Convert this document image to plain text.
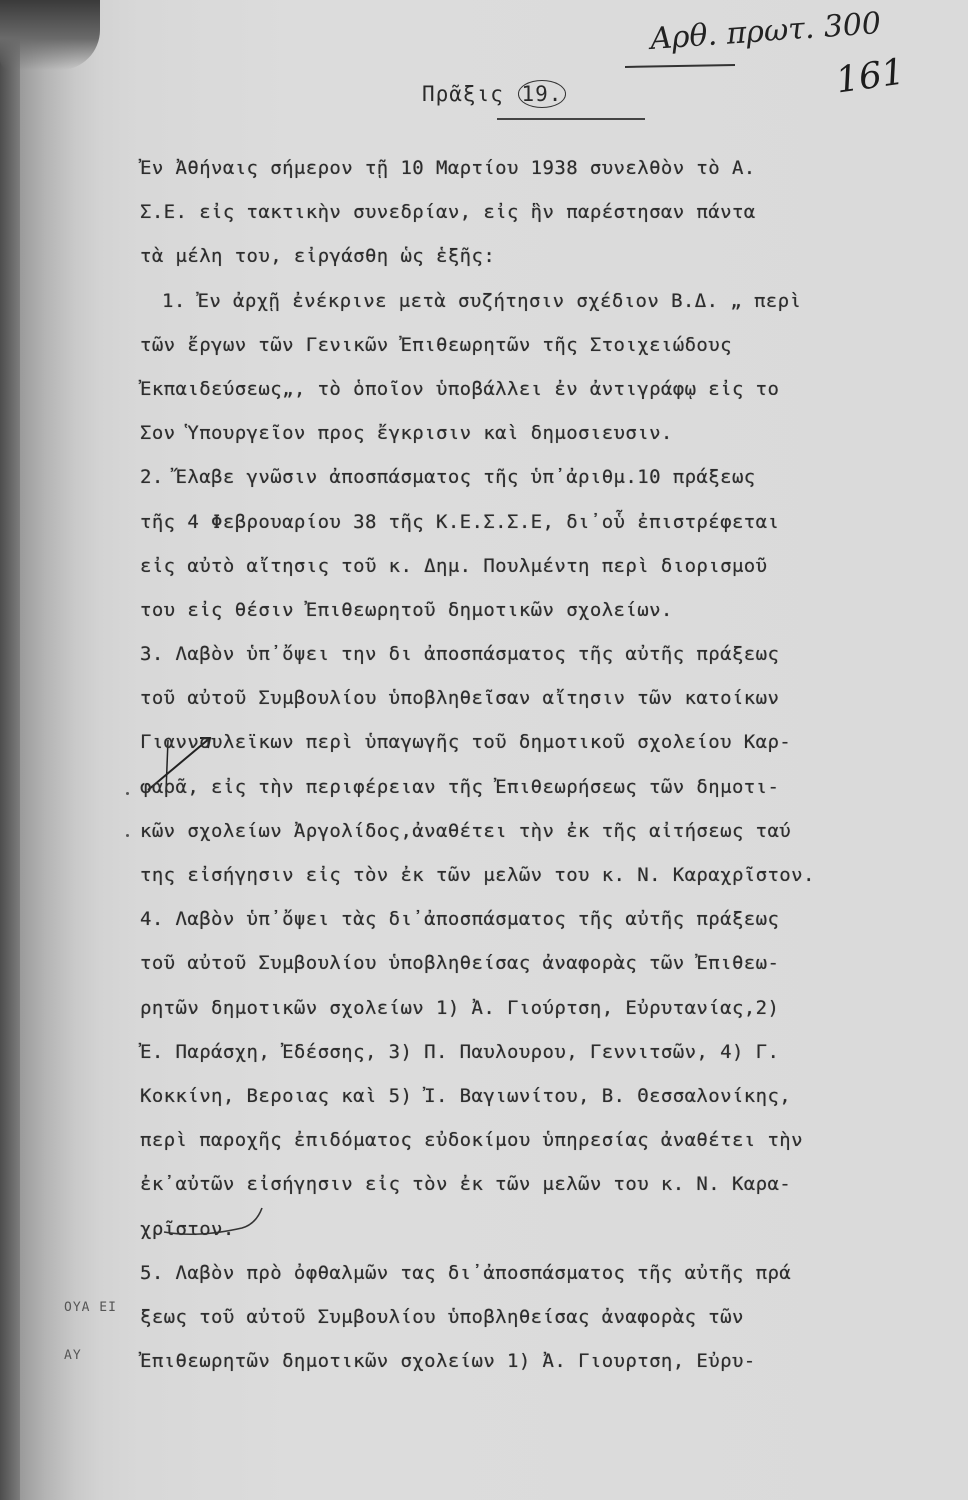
ΟΥΑ ΕΙ
ΑΥ
Αρθ. πρωτ. 300
161
Πρᾶξις 19.
Ἐν Ἀθήναις σήμερον τῇ 10 Μαρτίου 1938 συνελθὸν τὸ Α.
Σ.Ε. εἰς τακτικὴν συνεδρίαν, εἰς ἣν παρέστησαν πάντα
τὰ μέλη του, εἰργάσθη ὡς ἑξῆς:
1. Ἐν ἀρχῇ ἐνέκρινε μετὰ συζήτησιν σχέδιον Β.Δ. „ περὶ
τῶν ἔργων τῶν Γενικῶν Ἐπιθεωρητῶν τῆς Στοιχειώδους
Ἐκπαιδεύσεως„, τὸ ὁποῖον ὑποβάλλει ἐν ἀντιγράφῳ εἰς το
Σον Ὑπουργεῖον προς ἔγκρισιν καὶ δημοσιευσιν.
2. Ἔλαβε γνῶσιν ἀποσπάσματος τῆς ὑπ᾽ἀριθμ.10 πράξεως
τῆς 4 Φεβρουαρίου 38 τῆς Κ.Ε.Σ.Σ.Ε, δι᾽οὗ ἐπιστρέφεται
εἰς αὐτὸ αἴτησις τοῦ κ. Δημ. Πουλμέντη περὶ διορισμοῦ
του εἰς θέσιν Ἐπιθεωρητοῦ δημοτικῶν σχολείων.
3. Λαβὸν ὑπ᾽ὄψει την δι ἀποσπάσματος τῆς αὐτῆς πράξεως
τοῦ αὐτοῦ Συμβουλίου ὑποβληθεῖσαν αἴτησιν τῶν κατοίκων
Γιαννουλεϊκων περὶ ὑπαγωγῆς τοῦ δημοτικοῦ σχολείου Καρ-
φαρᾶ, εἰς τὴν περιφέρειαν τῆς Ἐπιθεωρήσεως τῶν δημοτι-
κῶν σχολείων Ἀργολίδος,ἀναθέτει τὴν ἐκ τῆς αἰτήσεως ταύ
της εἰσήγησιν εἰς τὸν ἐκ τῶν μελῶν του κ. Ν. Καραχρῖστον.
4. Λαβὸν ὑπ᾽ὄψει τὰς δι᾽ἀποσπάσματος τῆς αὐτῆς πράξεως
τοῦ αὐτοῦ Συμβουλίου ὑποβληθείσας ἀναφορὰς τῶν Ἐπιθεω-
ρητῶν δημοτικῶν σχολείων 1) Ἀ. Γιούρτση, Εὐρυτανίας,2)
Ἐ. Παράσχη, Ἐδέσσης, 3) Π. Παυλουρου, Γεννιτσῶν, 4) Γ.
Κοκκίνη, Βεροιας καὶ 5) Ἰ. Βαγιωνίτου, Β. Θεσσαλονίκης,
περὶ παροχῆς ἐπιδόματος εὐδοκίμου ὑπηρεσίας ἀναθέτει τὴν
ἐκ᾽αὐτῶν εἰσήγησιν εἰς τὸν ἐκ τῶν μελῶν του κ. Ν. Καρα-
χρῖστον.
5. Λαβὸν πρὸ ὀφθαλμῶν τας δι᾽ἀποσπάσματος τῆς αὐτῆς πρά
ξεως τοῦ αὐτοῦ Συμβουλίου ὑποβληθείσας ἀναφορὰς τῶν
Ἐπιθεωρητῶν δημοτικῶν σχολείων 1) Ἀ. Γιουρτση, Εὐρυ-
